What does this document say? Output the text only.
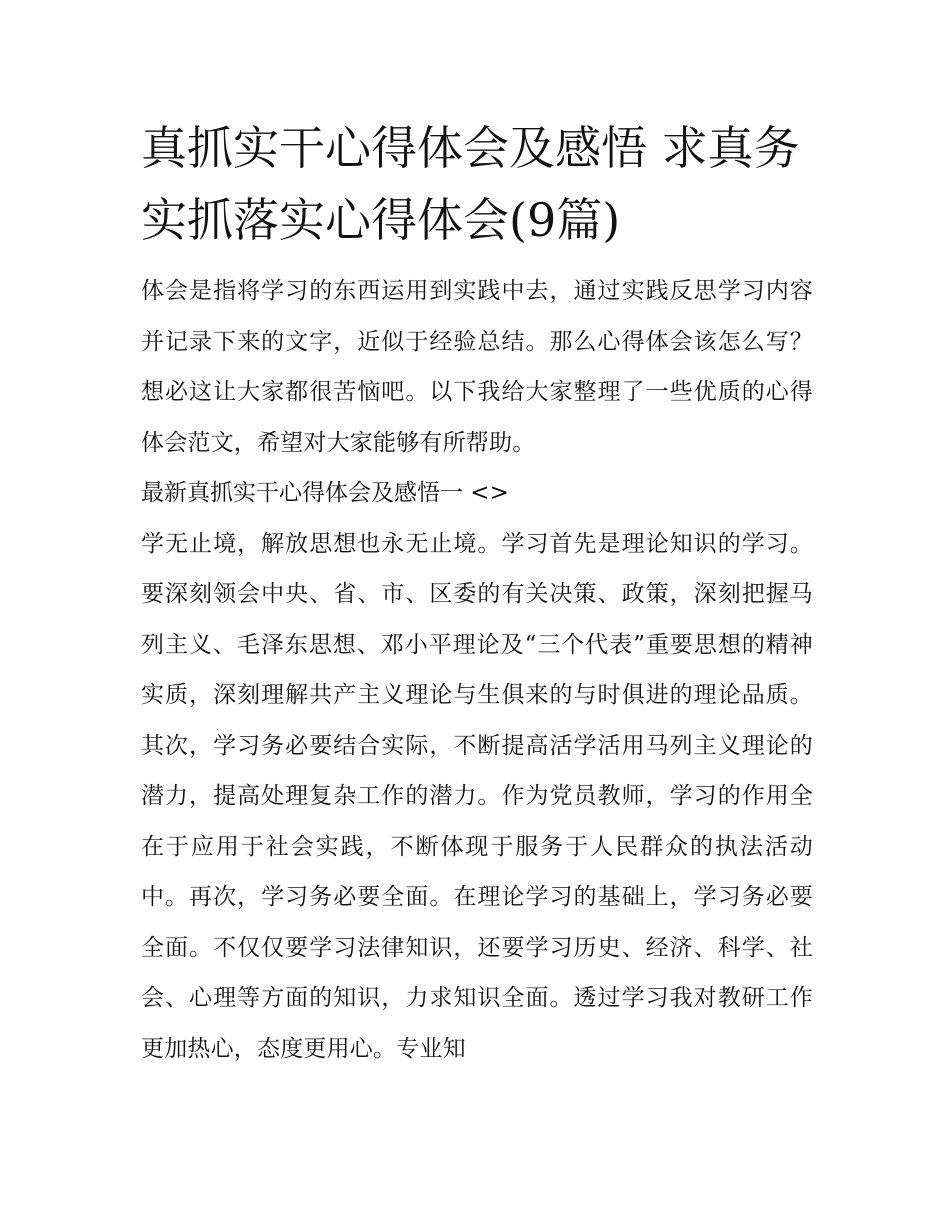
真抓实干心得体会及感悟 求真务实抓落实心得体会(9篇)

体会是指将学习的东西运用到实践中去，通过实践反思学习内容并记录下来的文字，近似于经验总结。那么心得体会该怎么写？想必这让大家都很苦恼吧。以下我给大家整理了一些优质的心得体会范文，希望对大家能够有所帮助。

最新真抓实干心得体会及感悟一 <>

学无止境，解放思想也永无止境。学习首先是理论知识的学习。要深刻领会中央、省、市、区委的有关决策、政策，深刻把握马列主义、毛泽东思想、邓小平理论及“三个代表”重要思想的精神实质，深刻理解共产主义理论与生俱来的与时俱进的理论品质。其次，学习务必要结合实际，不断提高活学活用马列主义理论的潜力，提高处理复杂工作的潜力。作为党员教师，学习的作用全在于应用于社会实践，不断体现于服务于人民群众的执法活动中。再次，学习务必要全面。在理论学习的基础上，学习务必要全面。不仅仅要学习法律知识，还要学习历史、经济、科学、社会、心理等方面的知识，力求知识全面。透过学习我对教研工作更加热心，态度更用心。专业知
